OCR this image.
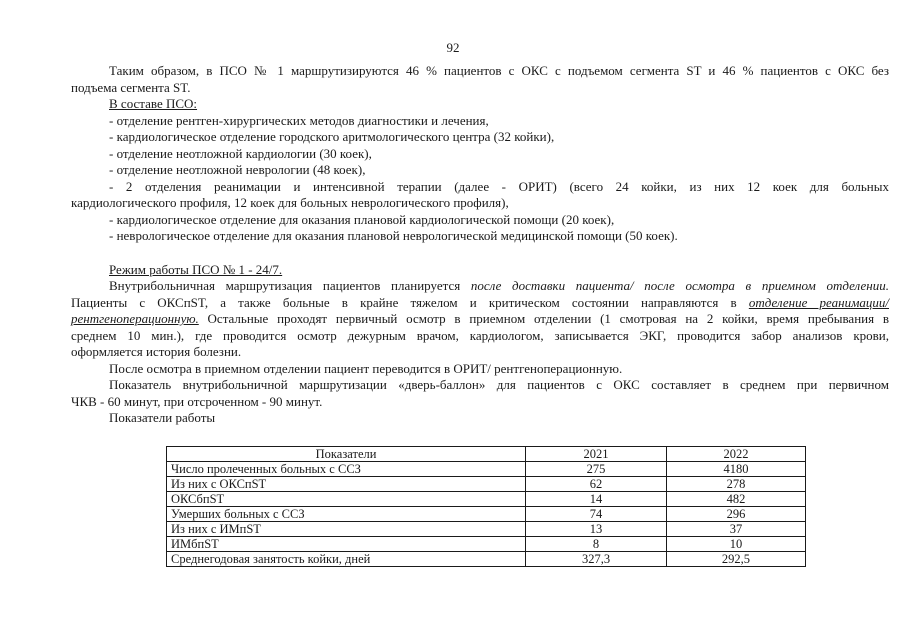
92

Таким образом, в ПСО № 1 маршрутизируются 46 % пациентов с ОКС с подъемом сегмента ST и 46 % пациентов с ОКС без

подъема сегмента ST.

В составе ПСО:

- отделение рентген-хирургических методов диагностики и лечения,

- кардиологическое отделение городского аритмологического центра (32 койки),

- отделение неотложной кардиологии (30 коек),

- отделение неотложной неврологии (48 коек),

- 2 отделения реанимации и интенсивной терапии (далее - ОРИТ) (всего 24 койки, из них 12 коек для больных

кардиологического профиля, 12 коек для больных неврологического профиля),

- кардиологическое отделение для оказания плановой кардиологической помощи (20 коек),

- неврологическое отделение для оказания плановой неврологической медицинской помощи (50 коек).

Режим работы ПСО № 1 - 24/7.

Внутрибольничная маршрутизация пациентов планируется после доставки пациента/ после осмотра в приемном отделении.

Пациенты с ОКСпST, а также больные в крайне тяжелом и критическом состоянии направляются в отделение реанимации/

рентгеноперационную. Остальные проходят первичный осмотр в приемном отделении (1 смотровая на 2 койки, время пребывания в

среднем 10 мин.), где проводится осмотр дежурным врачом, кардиологом, записывается ЭКГ, проводится забор анализов крови,

оформляется история болезни.

После осмотра в приемном отделении пациент переводится в ОРИТ/ рентгеноперационную.

Показатель внутрибольничной маршрутизации «дверь-баллон» для пациентов с ОКС составляет в среднем при первичном

ЧКВ - 60 минут, при отсроченном - 90 минут.

Показатели работы

Показатели	2021	2022
Число пролеченных больных с ССЗ	275	4180
Из них с ОКСпST	62	278
ОКСбпST	14	482
Умерших больных с ССЗ	74	296
Из них с ИМпST	13	37
ИМбпST	8	10
Среднегодовая занятость койки, дней	327,3	292,5
